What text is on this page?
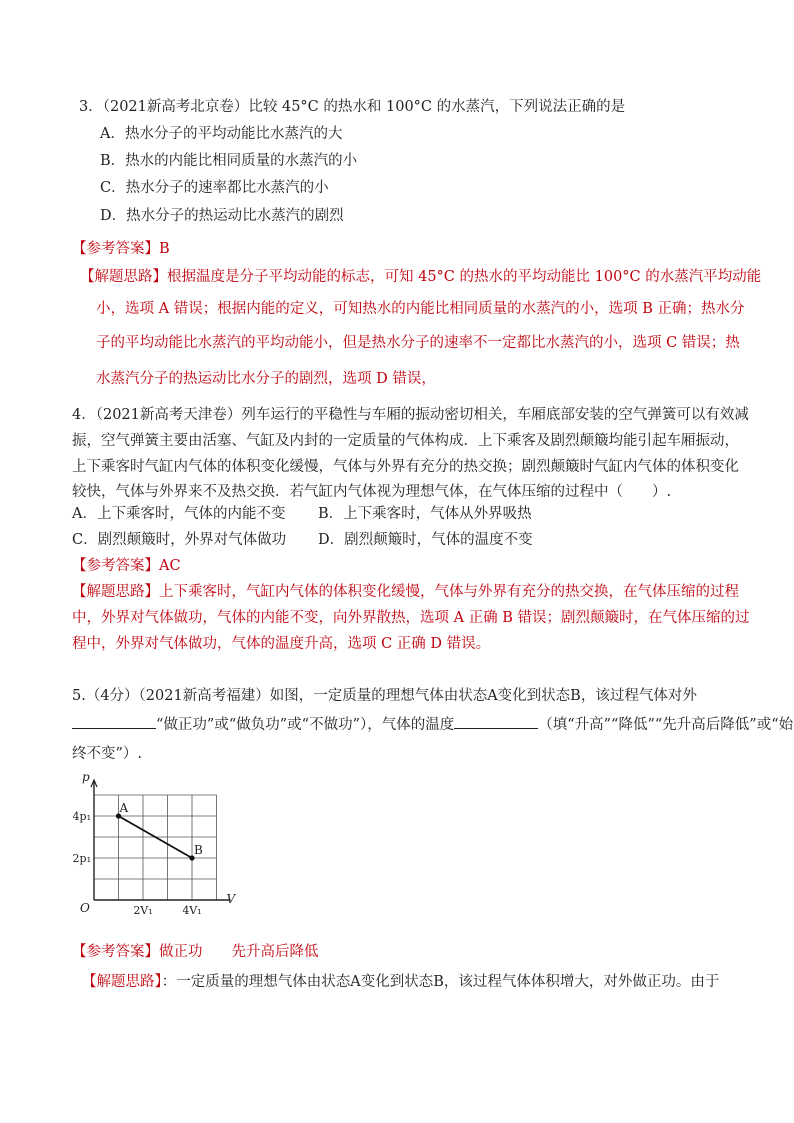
3．（2021新高考北京卷）比较 45°C 的热水和 100°C 的水蒸汽，下列说法正确的是
A．热水分子的平均动能比水蒸汽的大
B．热水的内能比相同质量的水蒸汽的小
C．热水分子的速率都比水蒸汽的小
D．热水分子的热运动比水蒸汽的剧烈
【参考答案】B
【解题思路】根据温度是分子平均动能的标志，可知 45°C 的热水的平均动能比 100°C 的水蒸汽平均动能
小，选项 A 错误；根据内能的定义，可知热水的内能比相同质量的水蒸汽的小，选项 B 正确；热水分
子的平均动能比水蒸汽的平均动能小，但是热水分子的速率不一定都比水蒸汽的小，选项 C 错误；热
水蒸汽分子的热运动比水分子的剧烈，选项 D 错误，
4．（2021新高考天津卷）列车运行的平稳性与车厢的振动密切相关，车厢底部安装的空气弹簧可以有效减
振，空气弹簧主要由活塞、气缸及内封的一定质量的气体构成．上下乘客及剧烈颠簸均能引起车厢振动，
上下乘客时气缸内气体的体积变化缓慢，气体与外界有充分的热交换；剧烈颠簸时气缸内气体的体积变化
较快，气体与外界来不及热交换．若气缸内气体视为理想气体，在气体压缩的过程中（　　）.
A．上下乘客时，气体的内能不变 B．上下乘客时，气体从外界吸热
C．剧烈颠簸时，外界对气体做功 D．剧烈颠簸时，气体的温度不变
【参考答案】AC
【解题思路】上下乘客时，气缸内气体的体积变化缓慢，气体与外界有充分的热交换，在气体压缩的过程
中，外界对气体做功，气体的内能不变，向外界散热，选项 A 正确 B 错误；剧烈颠簸时，在气体压缩的过
程中，外界对气体做功，气体的温度升高，选项 C 正确 D 错误。
5.（4分）（2021新高考福建）如图，一定质量的理想气体由状态A变化到状态B，该过程气体对外
“做正功”或“做负功”或“不做功”），气体的温度	（填“升高”“降低”“先升高后降低”或“始
终不变”）.
p
V
O
2p₁
4p₁
2V₁	4V₁
A
B
【参考答案】做正功　　先升高后降低
【解题思路】：一定质量的理想气体由状态A变化到状态B，该过程气体体积增大，对外做正功。由于
